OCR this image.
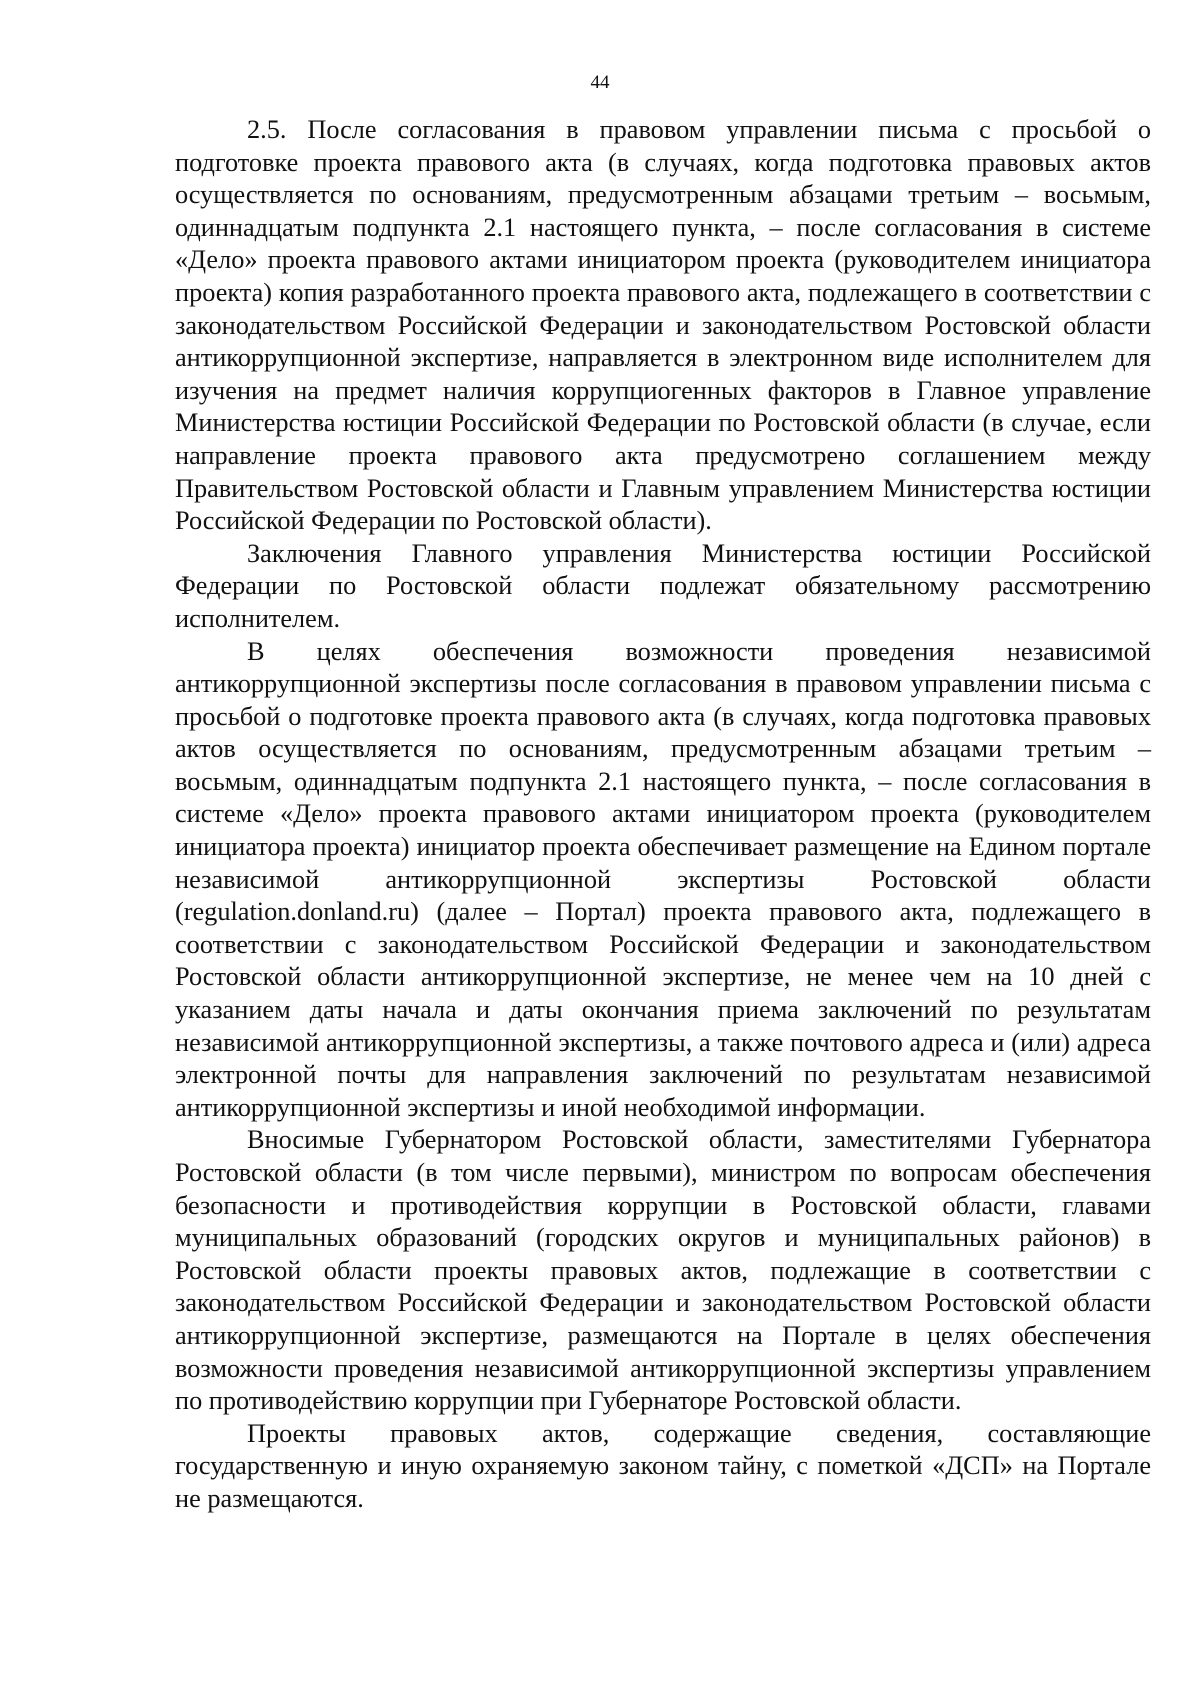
44

2.5. После согласования в правовом управлении письма с просьбой о подготовке проекта правового акта (в случаях, когда подготовка правовых актов осуществляется по основаниям, предусмотренным абзацами третьим – восьмым, одиннадцатым подпункта 2.1 настоящего пункта, – после согласования в системе «Дело» проекта правового актами инициатором проекта (руководителем инициатора проекта) копия разработанного проекта правового акта, подлежащего в соответствии с законодательством Российской Федерации и законодательством Ростовской области антикоррупционной экспертизе, направляется в электронном виде исполнителем для изучения на предмет наличия коррупциогенных факторов в Главное управление Министерства юстиции Российской Федерации по Ростовской области (в случае, если направление проекта правового акта предусмотрено соглашением между Правительством Ростовской области и Главным управлением Министерства юстиции Российской Федерации по Ростовской области).

Заключения Главного управления Министерства юстиции Российской Федерации по Ростовской области подлежат обязательному рассмотрению исполнителем.

В целях обеспечения возможности проведения независимой антикоррупционной экспертизы после согласования в правовом управлении письма с просьбой о подготовке проекта правового акта (в случаях, когда подготовка правовых актов осуществляется по основаниям, предусмотренным абзацами третьим – восьмым, одиннадцатым подпункта 2.1 настоящего пункта, – после согласования в системе «Дело» проекта правового актами инициатором проекта (руководителем инициатора проекта) инициатор проекта обеспечивает размещение на Едином портале независимой антикоррупционной экспертизы Ростовской области (regulation.donland.ru) (далее – Портал) проекта правового акта, подлежащего в соответствии с законодательством Российской Федерации и законодательством Ростовской области антикоррупционной экспертизе, не менее чем на 10 дней с указанием даты начала и даты окончания приема заключений по результатам независимой антикоррупционной экспертизы, а также почтового адреса и (или) адреса электронной почты для направления заключений по результатам независимой антикоррупционной экспертизы и иной необходимой информации.

Вносимые Губернатором Ростовской области, заместителями Губернатора Ростовской области (в том числе первыми), министром по вопросам обеспечения безопасности и противодействия коррупции в Ростовской области, главами муниципальных образований (городских округов и муниципальных районов) в Ростовской области проекты правовых актов, подлежащие в соответствии с законодательством Российской Федерации и законодательством Ростовской области антикоррупционной экспертизе, размещаются на Портале в целях обеспечения возможности проведения независимой антикоррупционной экспертизы управлением по противодействию коррупции при Губернаторе Ростовской области.

Проекты правовых актов, содержащие сведения, составляющие государственную и иную охраняемую законом тайну, с пометкой «ДСП» на Портале не размещаются.
